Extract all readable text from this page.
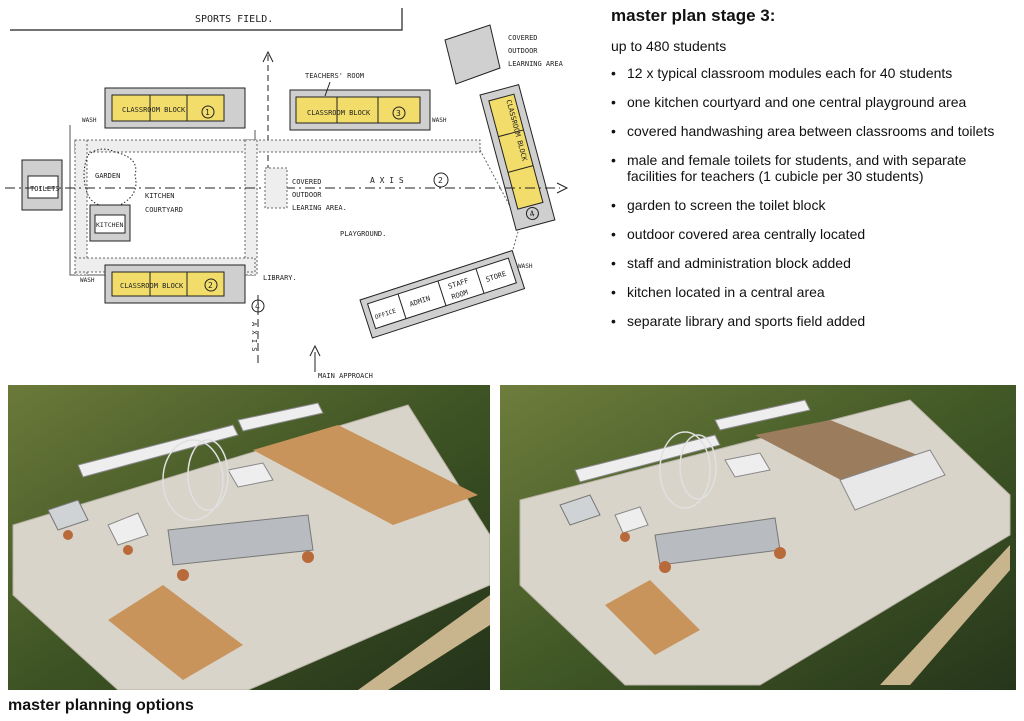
SPORTS FIELD.
COVERED
OUTDOOR
LEARNING AREA
CLASSROOM BLOCK 1
WASH
CLASSROOM BLOCK	3
TEACHERS' ROOM
WASH
4
CLASSROOM BLOCK
TOILETS
A X I S	2
GARDEN
KITCHEN
COURTYARD
KITCHEN
COVERED
OUTDOOR
LEARING AREA.
PLAYGROUND.
CLASSROOM BLOCK	2
WASH	LIBRARY.
4
A X I S
OFFICE
ADMIN
STAFF
ROOM
STORE
WASH
MAIN APPROACH
master plan stage 3:

up to 480 students

• 12 x typical classroom modules each for 40 students
• one kitchen courtyard and one central playground area
• covered handwashing area between classrooms and toilets
• male and female toilets for students, and with separate facilities for teachers (1 cubicle per 30 students)
• garden to screen the toilet block
• outdoor covered area centrally located
• staff and administration block added
• kitchen located in a central area
• separate library and sports field added

master planning options
